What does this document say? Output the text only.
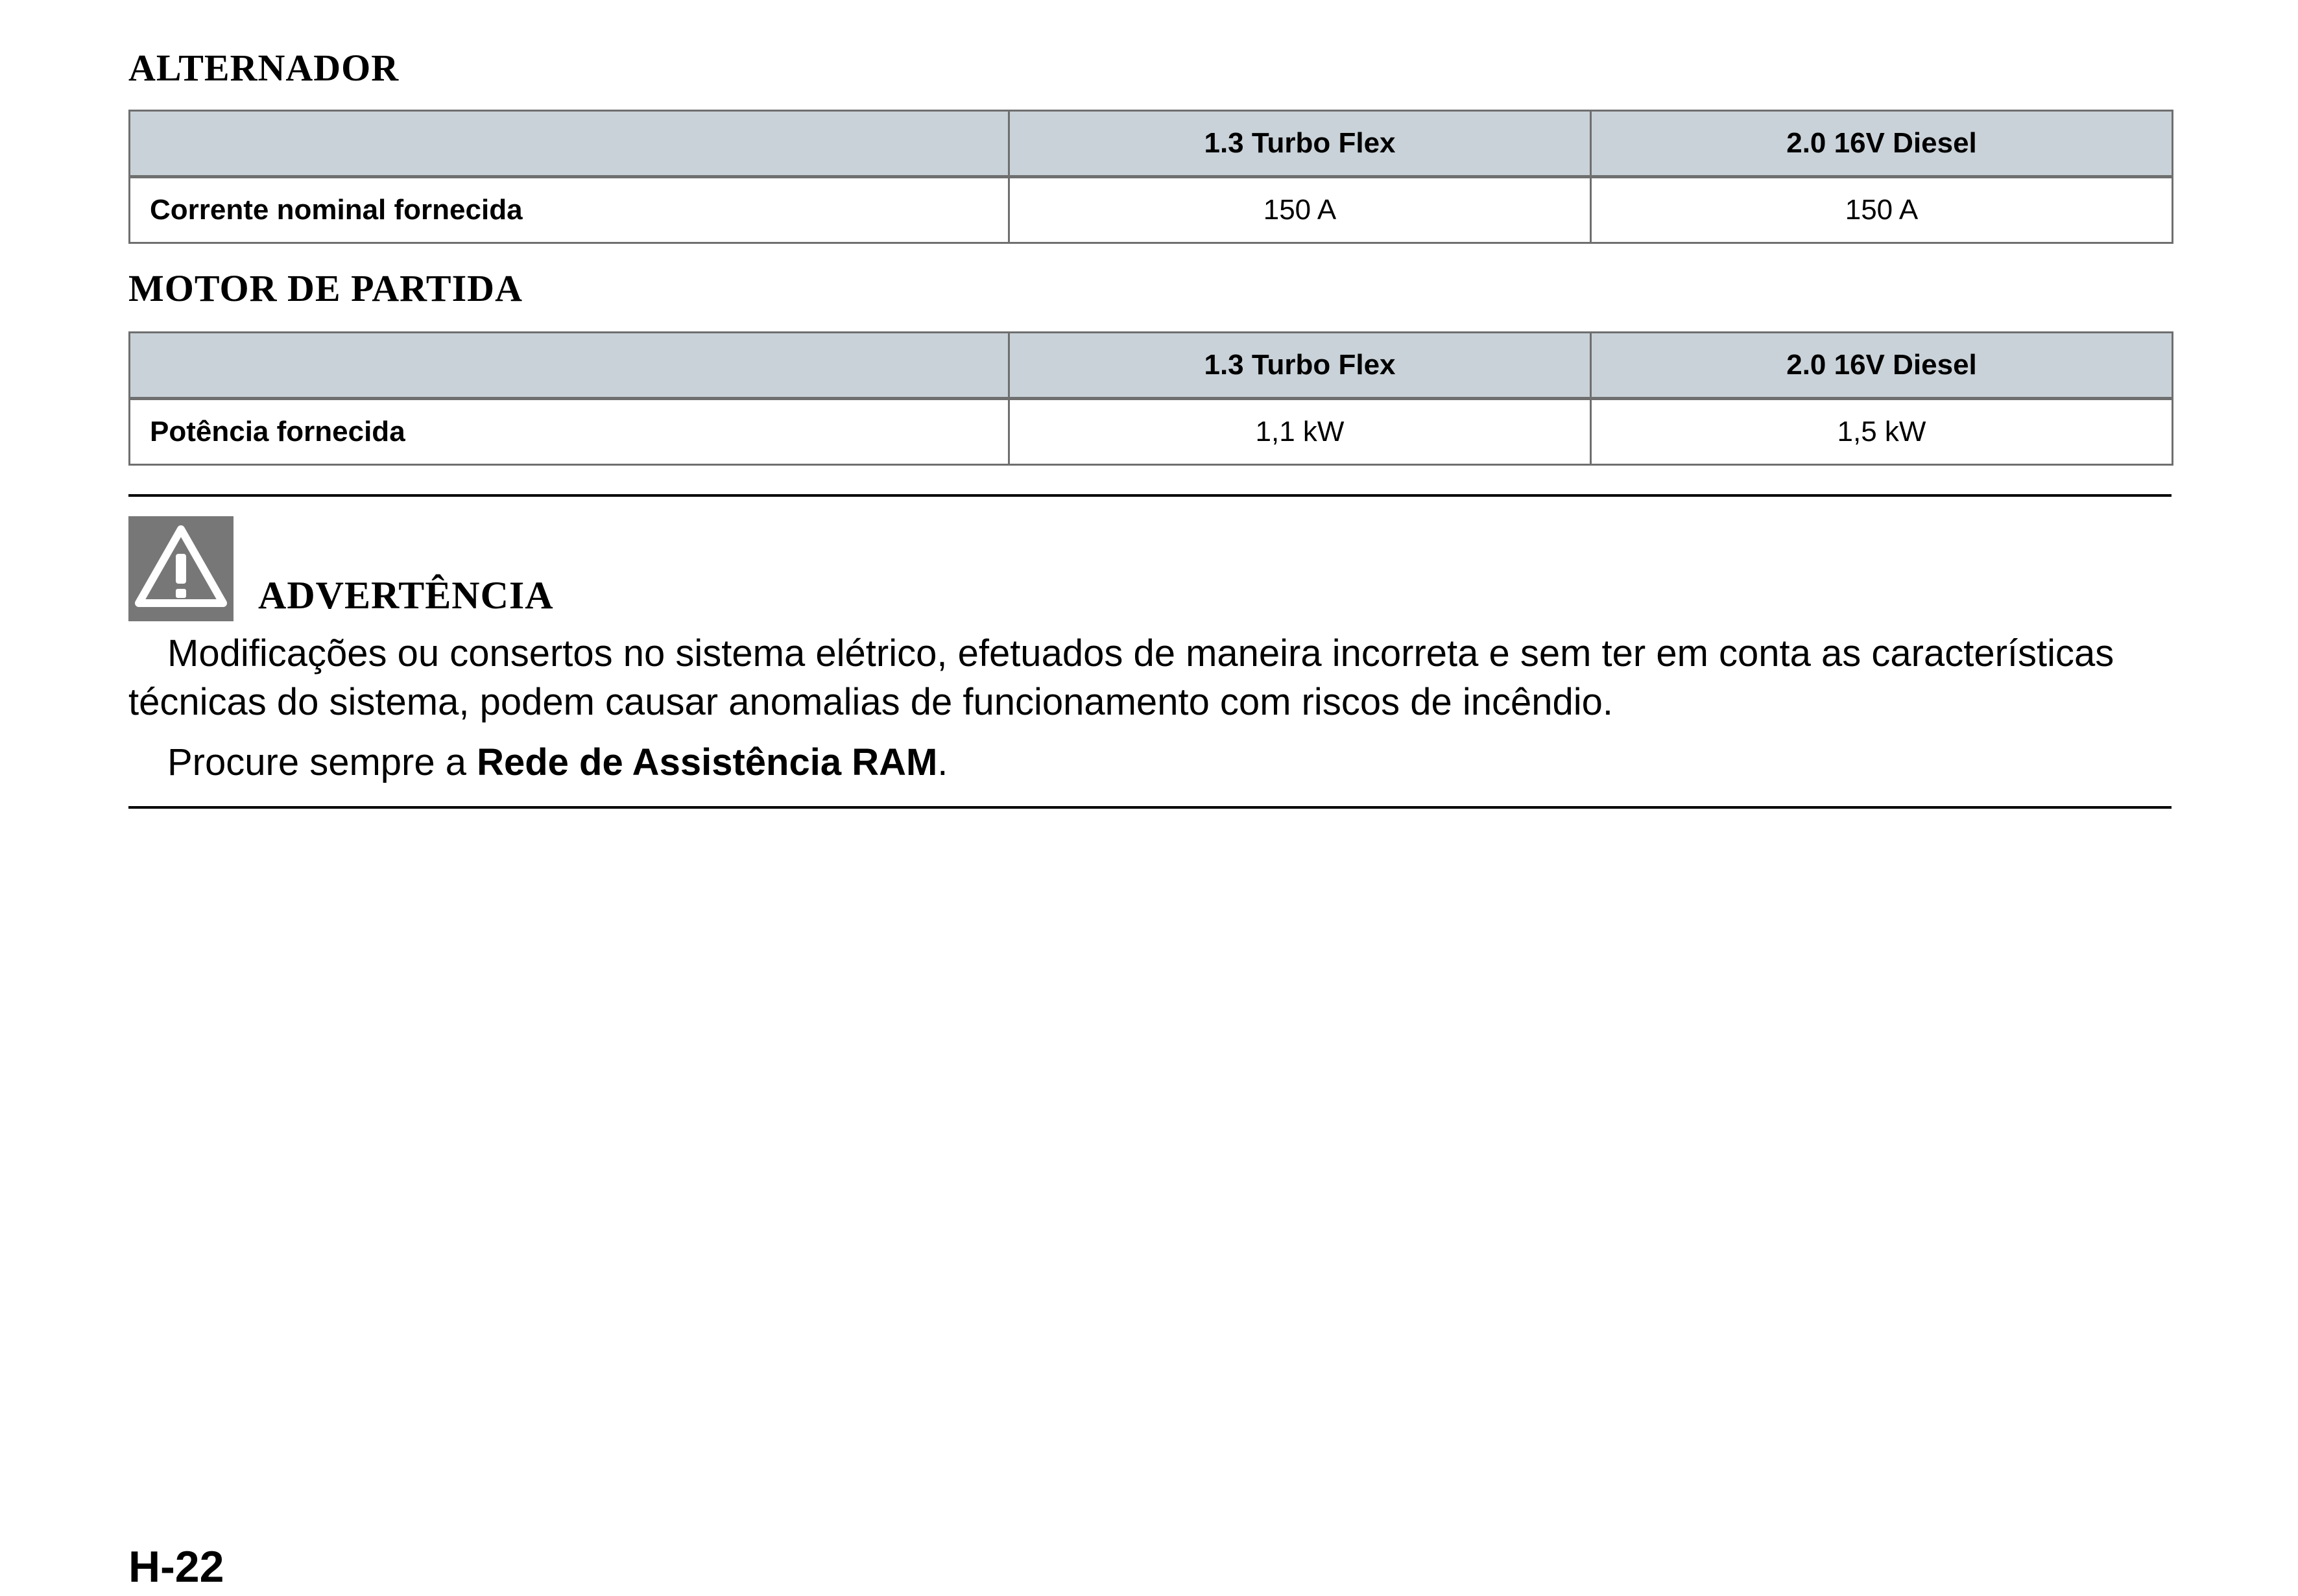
ALTERNADOR
	1.3 Turbo Flex	2.0 16V Diesel
Corrente nominal fornecida	150 A	150 A
MOTOR DE PARTIDA
	1.3 Turbo Flex	2.0 16V Diesel
Potência fornecida	1,1 kW	1,5 kW
ADVERTÊNCIA

Modificações ou consertos no sistema elétrico, efetuados de maneira incorreta e sem ter em conta as características técnicas do sistema, podem causar anomalias de funcionamento com riscos de incêndio.

Procure sempre a Rede de Assistência RAM.

H-22
